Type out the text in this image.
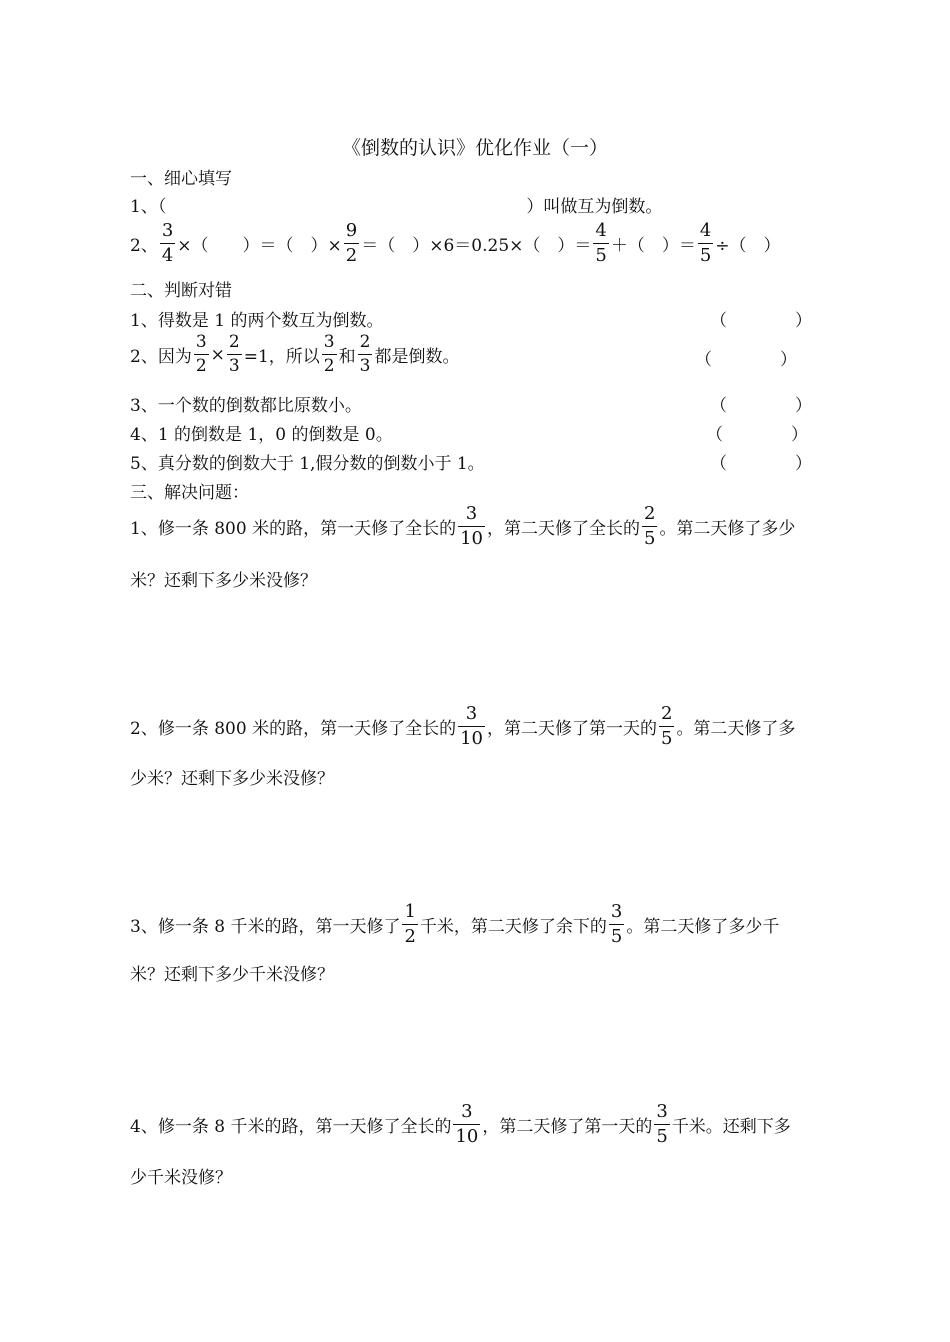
《倒数的认识》优化作业（一）
一、细心填写
1、（	）叫做互为倒数。
2、 $\frac{3}{4}$ ×（　　）＝（　）× $\frac{9}{2}$ ＝（　）×6＝0.25×（　）＝ $\frac{4}{5}$ ＋（　）＝ $\frac{4}{5}$ ÷（　）
二、判断对错
1、得数是 1 的两个数互为倒数。	（　　　　）
2、因为 $\frac{3}{2} \times \frac{2}{3} =1$，所以 $\frac{3}{2}$ 和 $\frac{2}{3}$ 都是倒数。	（　　　　）
3、一个数的倒数都比原数小。	（　　　　）
4、1 的倒数是 1，0 的倒数是 0。	（　　　　）
5、真分数的倒数大于 1,假分数的倒数小于 1。	（　　　　）
三、解决问题：
1、修一条 800 米的路，第一天修了全长的 $\frac{3}{10}$ ，第二天修了全长的 $\frac{2}{5}$ 。第二天修了多少
米？还剩下多少米没修？
2、修一条 800 米的路，第一天修了全长的 $\frac{3}{10}$ ，第二天修了第一天的 $\frac{2}{5}$ 。第二天修了多
少米？还剩下多少米没修？
3、修一条 8 千米的路，第一天修了 $\frac{1}{2}$ 千米，第二天修了余下的 $\frac{3}{5}$ 。第二天修了多少千
米？还剩下多少千米没修？
4、修一条 8 千米的路，第一天修了全长的 $\frac{3}{10}$ ，第二天修了第一天的 $\frac{3}{5}$ 千米。还剩下多
少千米没修？
